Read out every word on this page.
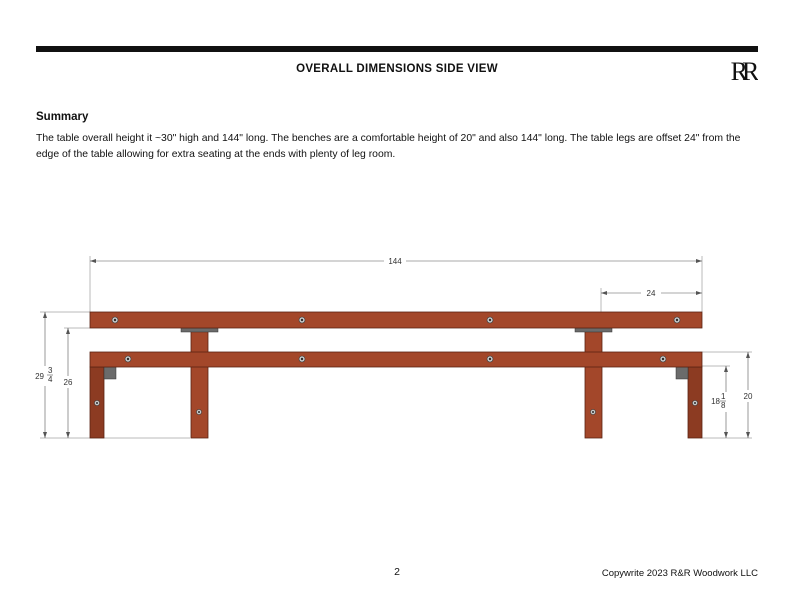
OVERALL DIMENSIONS SIDE VIEW	RR
Summary
The table overall height it ~30" high and 144" long. The benches are a comfortable height of 20" and also 144" long. The table legs are offset 24" from the edge of the table allowing for extra seating at the ends with plenty of leg room.
144
24
29
3
4 26
18
1
8
20
2	Copywrite 2023 R&R Woodwork LLC
